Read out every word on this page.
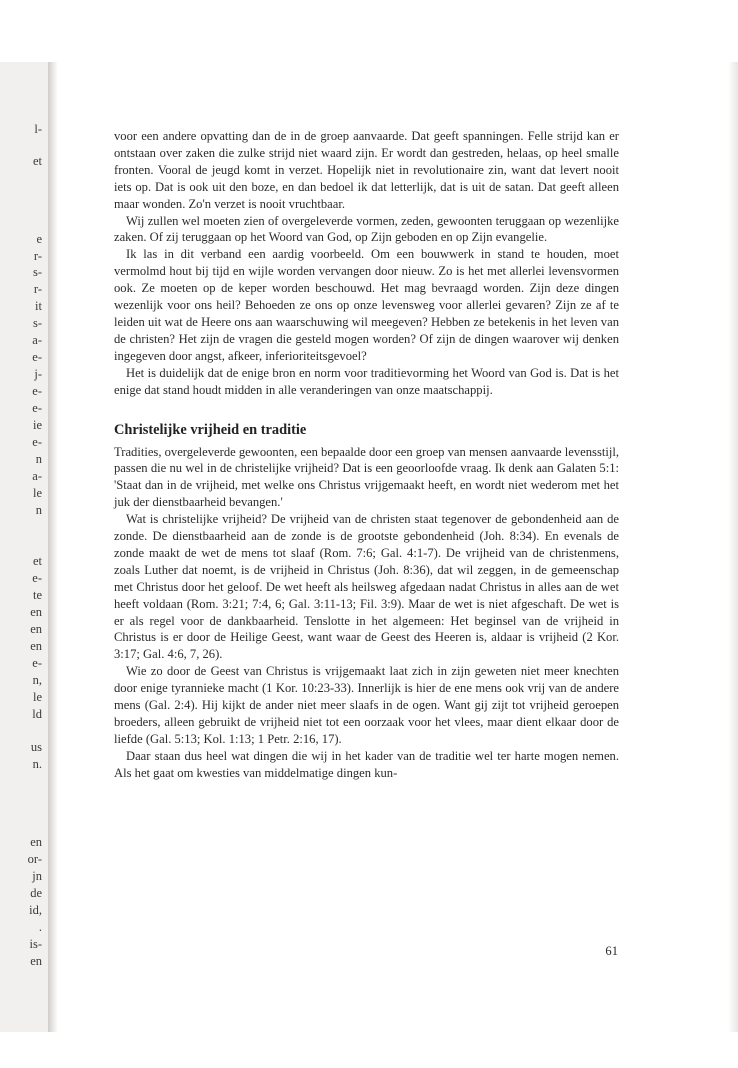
l-
et
e
r-
s-
r-
it
s-
a-
e-
j-
e-
e-
ie
e-
n
a-
le
n
et
e-
te
en
en
en
e-
n,
le
ld
us
n.
en
or-
jn
de
id,
.
is-
en

voor een andere opvatting dan de in de groep aanvaarde. Dat geeft spanningen. Felle strijd kan er ontstaan over zaken die zulke strijd niet waard zijn. Er wordt dan gestreden, helaas, op heel smalle fronten. Vooral de jeugd komt in verzet. Hopelijk niet in revolutionaire zin, want dat levert nooit iets op. Dat is ook uit den boze, en dan bedoel ik dat letterlijk, dat is uit de satan. Dat geeft alleen maar wonden. Zo'n verzet is nooit vruchtbaar.

Wij zullen wel moeten zien of overgeleverde vormen, zeden, gewoonten teruggaan op wezenlijke zaken. Of zij teruggaan op het Woord van God, op Zijn geboden en op Zijn evangelie.

Ik las in dit verband een aardig voorbeeld. Om een bouwwerk in stand te houden, moet vermolmd hout bij tijd en wijle worden vervangen door nieuw. Zo is het met allerlei levensvormen ook. Ze moeten op de keper worden beschouwd. Het mag bevraagd worden. Zijn deze dingen wezenlijk voor ons heil? Behoeden ze ons op onze levensweg voor allerlei gevaren? Zijn ze af te leiden uit wat de Heere ons aan waarschuwing wil meegeven? Hebben ze betekenis in het leven van de christen? Het zijn de vragen die gesteld mogen worden? Of zijn de dingen waarover wij denken ingegeven door angst, afkeer, inferioriteitsgevoel?

Het is duidelijk dat de enige bron en norm voor traditievorming het Woord van God is. Dat is het enige dat stand houdt midden in alle veranderingen van onze maatschappij.

Christelijke vrijheid en traditie

Tradities, overgeleverde gewoonten, een bepaalde door een groep van mensen aanvaarde levensstijl, passen die nu wel in de christelijke vrijheid? Dat is een geoorloofde vraag. Ik denk aan Galaten 5:1: 'Staat dan in de vrijheid, met welke ons Christus vrijgemaakt heeft, en wordt niet wederom met het juk der dienstbaarheid bevangen.'

Wat is christelijke vrijheid? De vrijheid van de christen staat tegenover de gebondenheid aan de zonde. De dienstbaarheid aan de zonde is de grootste gebondenheid (Joh. 8:34). En evenals de zonde maakt de wet de mens tot slaaf (Rom. 7:6; Gal. 4:1-7). De vrijheid van de christenmens, zoals Luther dat noemt, is de vrijheid in Christus (Joh. 8:36), dat wil zeggen, in de gemeenschap met Christus door het geloof. De wet heeft als heilsweg afgedaan nadat Christus in alles aan de wet heeft voldaan (Rom. 3:21; 7:4, 6; Gal. 3:11-13; Fil. 3:9). Maar de wet is niet afgeschaft. De wet is er als regel voor de dankbaarheid. Tenslotte in het algemeen: Het beginsel van de vrijheid in Christus is er door de Heilige Geest, want waar de Geest des Heeren is, aldaar is vrijheid (2 Kor. 3:17; Gal. 4:6, 7, 26).

Wie zo door de Geest van Christus is vrijgemaakt laat zich in zijn geweten niet meer knechten door enige tyrannieke macht (1 Kor. 10:23-33). Innerlijk is hier de ene mens ook vrij van de andere mens (Gal. 2:4). Hij kijkt de ander niet meer slaafs in de ogen. Want gij zijt tot vrijheid geroepen broeders, alleen gebruikt de vrijheid niet tot een oorzaak voor het vlees, maar dient elkaar door de liefde (Gal. 5:13; Kol. 1:13; 1 Petr. 2:16, 17).

Daar staan dus heel wat dingen die wij in het kader van de traditie wel ter harte mogen nemen. Als het gaat om kwesties van middelmatige dingen kun-

61
